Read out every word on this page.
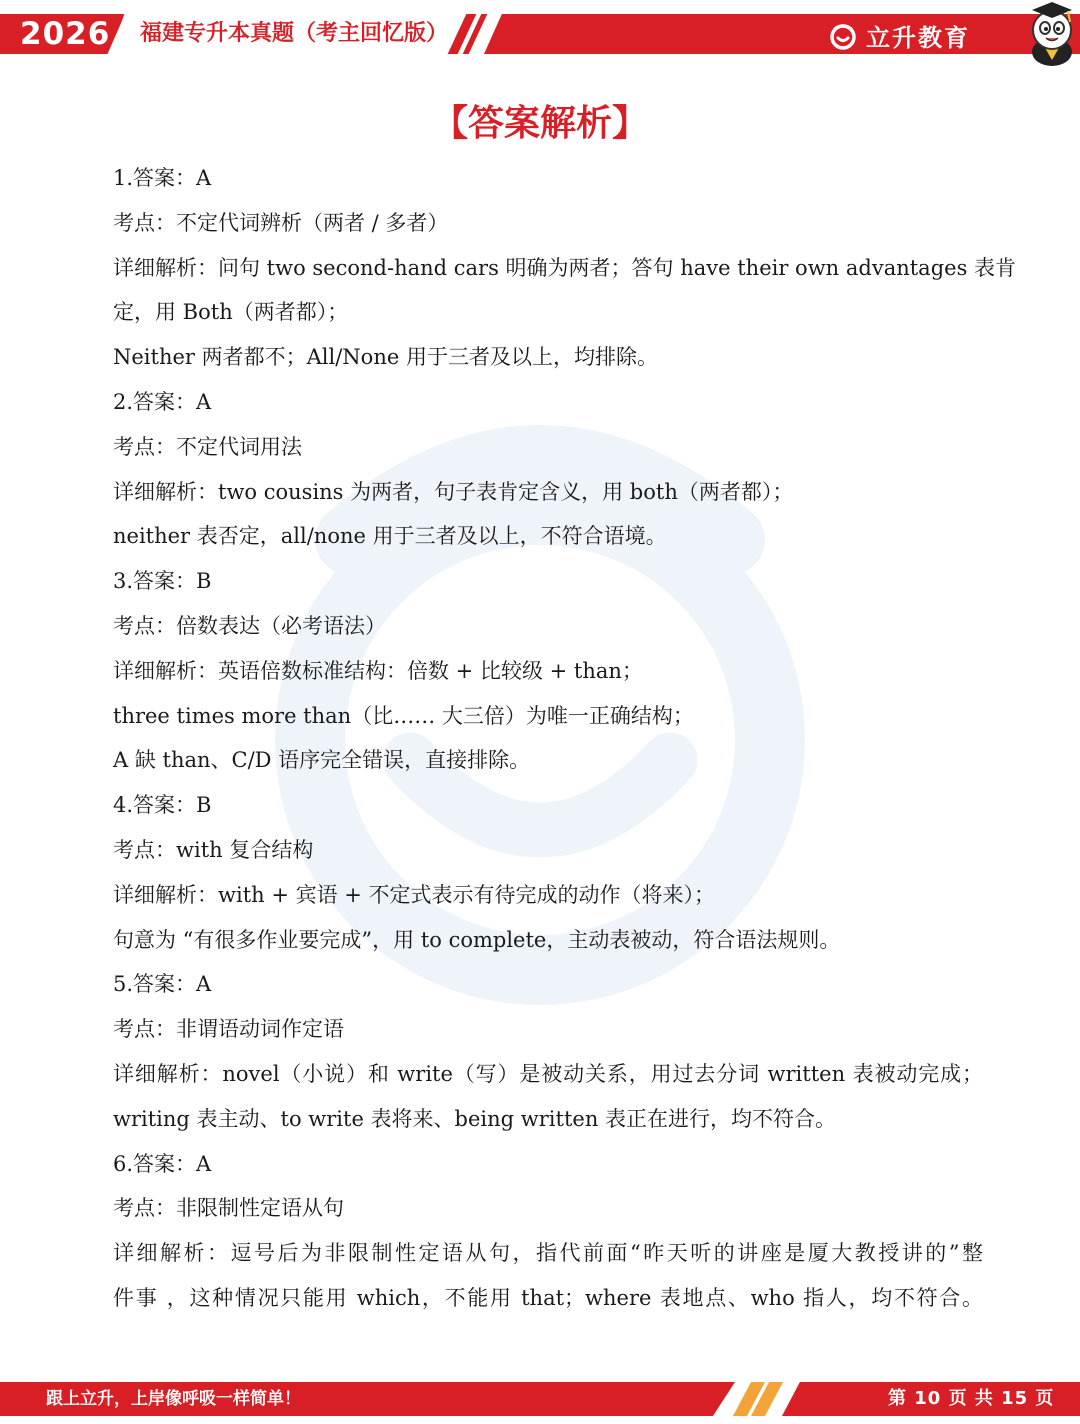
2026 福建专升本真题（考主回忆版）	立升教育
【答案解析】
1.答案：A
考点：不定代词辨析（两者 / 多者）
详细解析：问句 two second-hand cars 明确为两者；答句 have their own advantages 表肯
定，用 Both（两者都）；
Neither 两者都不；All/None 用于三者及以上，均排除。
2.答案：A
考点：不定代词用法
详细解析：two cousins 为两者，句子表肯定含义，用 both（两者都）；
neither 表否定，all/none 用于三者及以上，不符合语境。
3.答案：B
考点：倍数表达（必考语法）
详细解析：英语倍数标准结构：倍数 + 比较级 + than；
three times more than（比…… 大三倍）为唯一正确结构；
A 缺 than、C/D 语序完全错误，直接排除。
4.答案：B
考点：with 复合结构
详细解析：with + 宾语 + 不定式表示有待完成的动作（将来）；
句意为 “有很多作业要完成”，用 to complete，主动表被动，符合语法规则。
5.答案：A
考点：非谓语动词作定语
详细解析：novel（小说）和 write（写）是被动关系，用过去分词 written 表被动完成；
writing 表主动、to write 表将来、being written 表正在进行，均不符合。
6.答案：A
考点：非限制性定语从句
详细解析：逗号后为非限制性定语从句，指代前面“昨天听的讲座是厦大教授讲的”整
件事 ，这种情况只能用 which，不能用 that；where 表地点、who 指人，均不符合。
跟上立升，上岸像呼吸一样简单！	第 10 页 共 15 页
